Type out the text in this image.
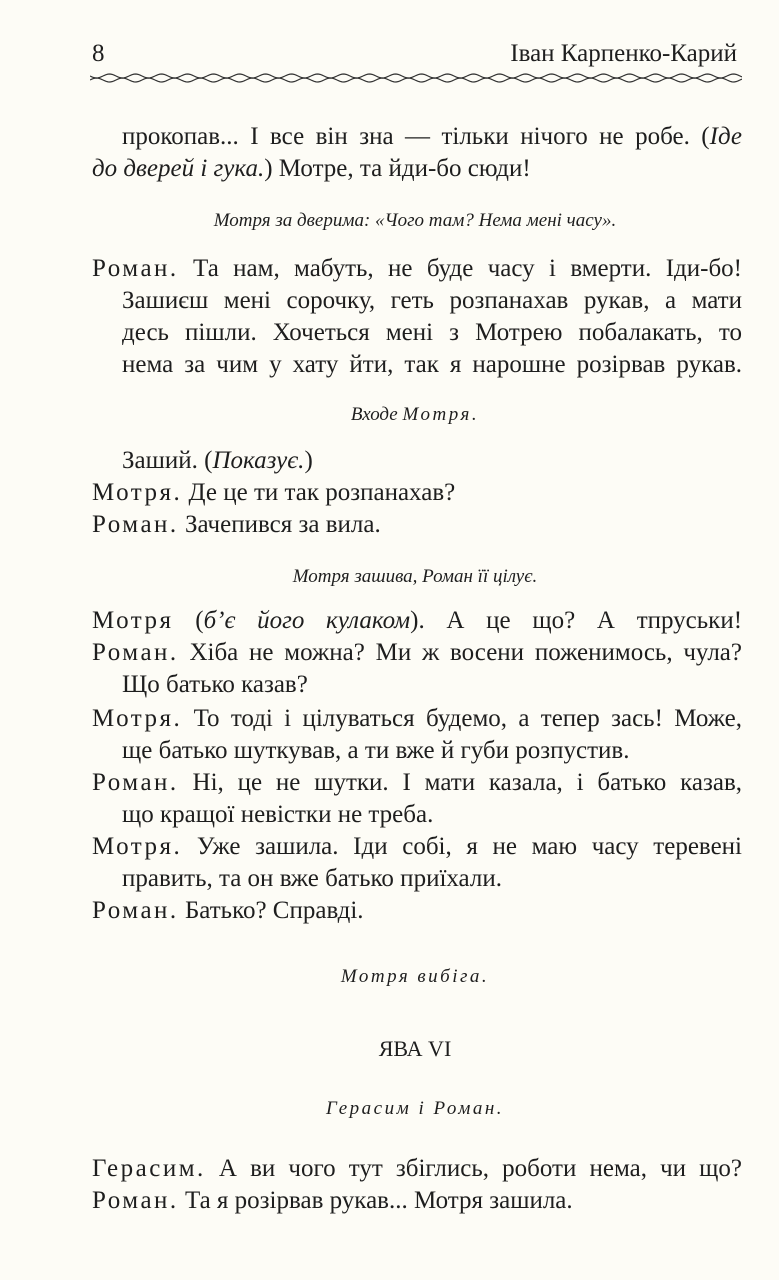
8	Іван Карпенко-Карий
прокопав... І все він зна — тільки нічого не робе. (Іде
до дверей і гука.) Мотре, та йди-бо сюди!
Мотря за дверима: «Чого там? Нема мені часу».
Роман. Та нам, мабуть, не буде часу і вмерти. Іди-бо!
Зашиєш мені сорочку, геть розпанахав рукав, а мати
десь пішли. Хочеться мені з Мотрею побалакать, то
нема за чим у хату йти, так я нарошне розірвав рукав.
Входе Мотря.
Заший. (Показує.)
Мотря. Де це ти так розпанахав?
Роман. Зачепився за вила.
Мотря зашива, Роман її цілує.
Мотря (б’є його кулаком). А це що? А тпруськи!
Роман. Хіба не можна? Ми ж восени поженимось, чула?
Що батько казав?
Мотря. То тоді і цілуваться будемо, а тепер зась! Може,
ще батько шуткував, а ти вже й губи розпустив.
Роман. Ні, це не шутки. І мати казала, і батько казав,
що кращої невістки не треба.
Мотря. Уже зашила. Іди собі, я не маю часу теревені
править, та он вже батько приїхали.
Роман. Батько? Справді.
Мотря вибіга.
ЯВА VI
Герасим і Роман.
Герасим. А ви чого тут збіглись, роботи нема, чи що?
Роман. Та я розірвав рукав... Мотря зашила.
